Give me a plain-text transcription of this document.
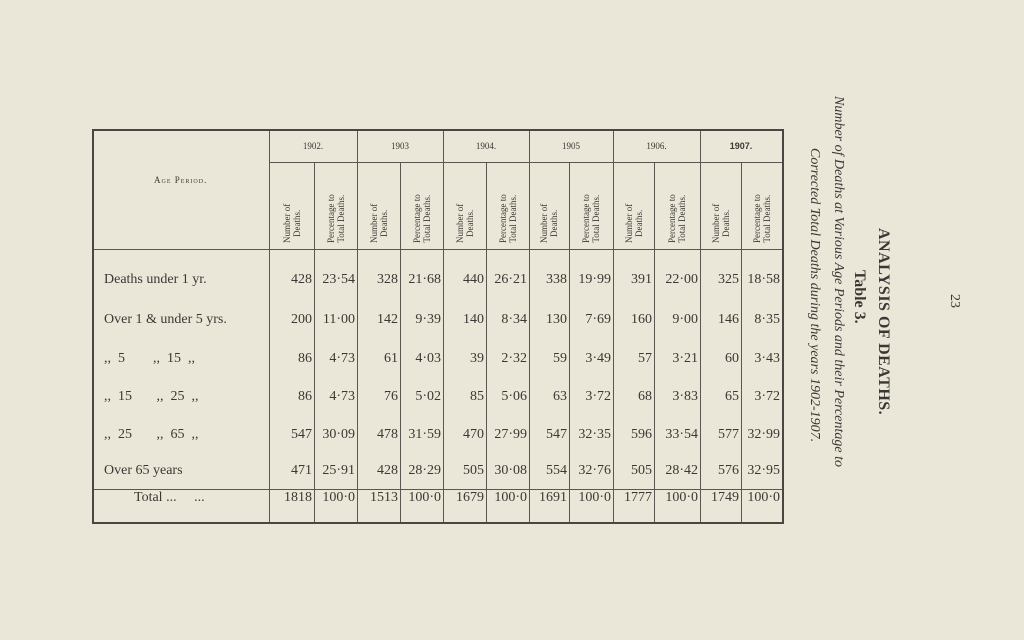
23
ANALYSIS OF DEATHS.
Table 3.
Number of Deaths at Various Age Periods and their Percentage to
Corrected Total Deaths during the years 1902-1907.
Age Period.
1902.	1903	1904.	1905	1906.	1907.
Number of Deaths.	Percentage to Total Deaths.	Number of Deaths.	Percentage to Total Deaths.	Number of Deaths.	Percentage to Total Deaths. Number of Deaths. Percentage to Total Deaths.	Number of Deaths.	Percentage to Total Deaths.	Number of Deaths. Percentage to Total Deaths.
Deaths under 1 yr.	428 23·54	328 21·68	440 26·21	338 19·99	391 22·00	325 18·58
Over 1 & under 5 yrs.	200 11·00	142	9·39	140	8·34	130	7·69	160	9·00	146	8·35
,,  5        ,,  15  ,,	86	4·73	61	4·03	39	2·32	59	3·49	57	3·21	60	3·43
,,  15       ,,  25  ,,	86	4·73	76	5·02	85	5·06	63	3·72	68	3·83	65	3·72
,,  25       ,,  65  ,,	547 30·09	478 31·59	470 27·99	547 32·35	596 33·54	577 32·99
Over 65 years	471 25·91	428 28·29	505 30·08	554 32·76	505 28·42	576 32·95
Total ...     ...	1818 100·0	1513 100·0	1679 100·0 1691 100·0 1777 100·0 1749 100·0
